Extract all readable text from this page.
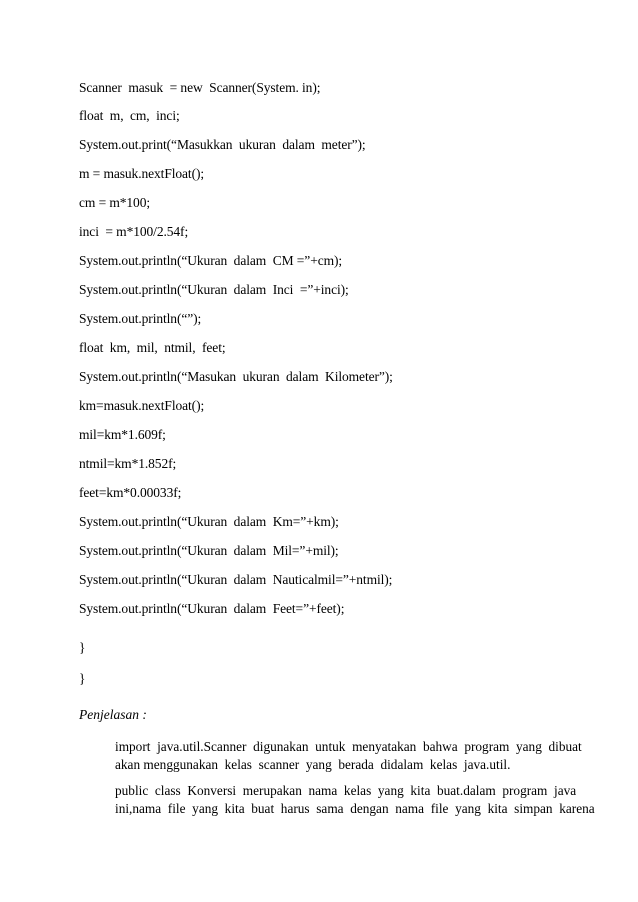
Scanner  masuk  = new  Scanner(System. in);
float  m,  cm,  inci;
System.out.print(“Masukkan  ukuran  dalam  meter”);
m = masuk.nextFloat();
cm = m*100;
inci  = m*100/2.54f;
System.out.println(“Ukuran  dalam  CM =”+cm);
System.out.println(“Ukuran  dalam  Inci  =”+inci);
System.out.println(“”);
float  km,  mil,  ntmil,  feet;
System.out.println(“Masukan  ukuran  dalam  Kilometer”);
km=masuk.nextFloat();
mil=km*1.609f;
ntmil=km*1.852f;
feet=km*0.00033f;
System.out.println(“Ukuran  dalam  Km=”+km);
System.out.println(“Ukuran  dalam  Mil=”+mil);
System.out.println(“Ukuran  dalam  Nauticalmil=”+ntmil);
System.out.println(“Ukuran  dalam  Feet=”+feet);
}
}
Penjelasan :
import  java.util.Scanner  digunakan  untuk  menyatakan  bahwa  program  yang  dibuat
akan menggunakan  kelas  scanner  yang  berada  didalam  kelas  java.util.
public  class  Konversi  merupakan  nama  kelas  yang  kita  buat.dalam  program  java
ini,nama  file  yang  kita  buat  harus  sama  dengan  nama  file  yang  kita  simpan  karena
